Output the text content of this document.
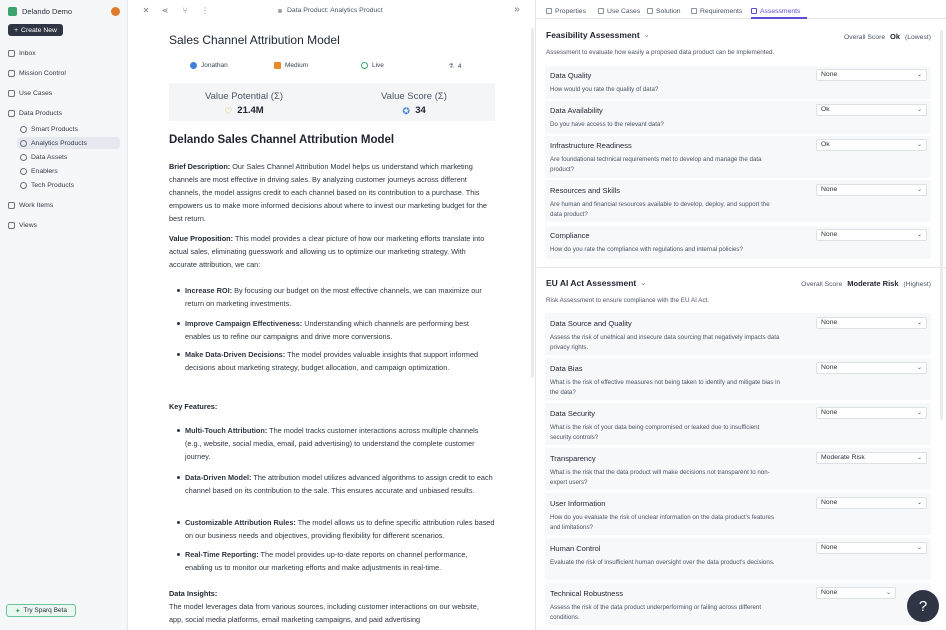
Delando Demo
+ Create New
Inbox
Mission Control
Use Cases
Data Products
Smart Products
Analytics Products
Data Assets
Enablers
Tech Products
Work Items
Views
✦ Try Sparq Beta
✕ ⋖ ⑂ ⋮	Data Product: Analytics Product	»
Sales Channel Attribution Model
Jonathan	Medium	Live	⚗ 4
Value Potential (Σ)
♡ 21.4M
Value Score (Σ)
✪ 34
Delando Sales Channel Attribution Model
Brief Description: Our Sales Channel Attribution Model helps us understand which marketing channels are most effective in driving sales. By analyzing customer journeys across different channels, the model assigns credit to each channel based on its contribution to a purchase. This empowers us to make more informed decisions about where to invest our marketing budget for the best return.
Value Proposition: This model provides a clear picture of how our marketing efforts translate into actual sales, eliminating guesswork and allowing us to optimize our marketing strategy. With accurate attribution, we can:
Increase ROI: By focusing our budget on the most effective channels, we can maximize our return on marketing investments.
Improve Campaign Effectiveness: Understanding which channels are performing best enables us to refine our campaigns and drive more conversions.
Make Data-Driven Decisions: The model provides valuable insights that support informed decisions about marketing strategy, budget allocation, and campaign optimization.
Key Features:
Multi-Touch Attribution: The model tracks customer interactions across multiple channels (e.g., website, social media, email, paid advertising) to understand the complete customer journey.
Data-Driven Model: The attribution model utilizes advanced algorithms to assign credit to each channel based on its contribution to the sale. This ensures accurate and unbiased results.
Customizable Attribution Rules: The model allows us to define specific attribution rules based on our business needs and objectives, providing flexibility for different scenarios.
Real-Time Reporting: The model provides up-to-date reports on channel performance, enabling us to monitor our marketing efforts and make adjustments in real-time.
Data Insights:
The model leverages data from various sources, including customer interactions on our website, app, social media platforms, email marketing campaigns, and paid advertising
Properties	Use Cases Solution	Requirements	Assessments
Feasibility Assessment ⌄	Overall Score Ok (Lowest)
Assessment to evaluate how easily a proposed data product can be implemented.
Data Quality
How would you rate the quality of data?
None	⌄
Data Availability
Do you have access to the relevant data?
Ok	⌄
Infrastructure Readiness
Are foundational technical requirements met to develop and manage the data product?
Ok	⌄
Resources and Skills
Are human and financial resources available to develop, deploy, and support the data product?
None	⌄
Compliance
How do you rate the compliance with regulations and internal policies?
None	⌄
EU AI Act Assessment ⌄	Overall Score Moderate Risk (Highest)
Risk Assessment to ensure compliance with the EU AI Act.
Data Source and Quality
Assess the risk of unethical and insecure data sourcing that negatively impacts data privacy rights.
None	⌄
Data Bias
What is the risk of effective measures not being taken to identify and mitigate bias in the data?
None	⌄
Data Security
What is the risk of your data being compromised or leaked due to insufficient security controls?
None	⌄
Transparency
What is the risk that the data product will make decisions not transparent to non-expert users?
Moderate Risk	⌄
User Information
How do you evaluate the risk of unclear information on the data product's features and limitations?
None	⌄
Human Control
Evaluate the risk of insufficient human oversight over the data product's decisions.
None	⌄
Technical Robustness
Assess the risk of the data product underperforming or failing across different conditions.
None	⌄
?
